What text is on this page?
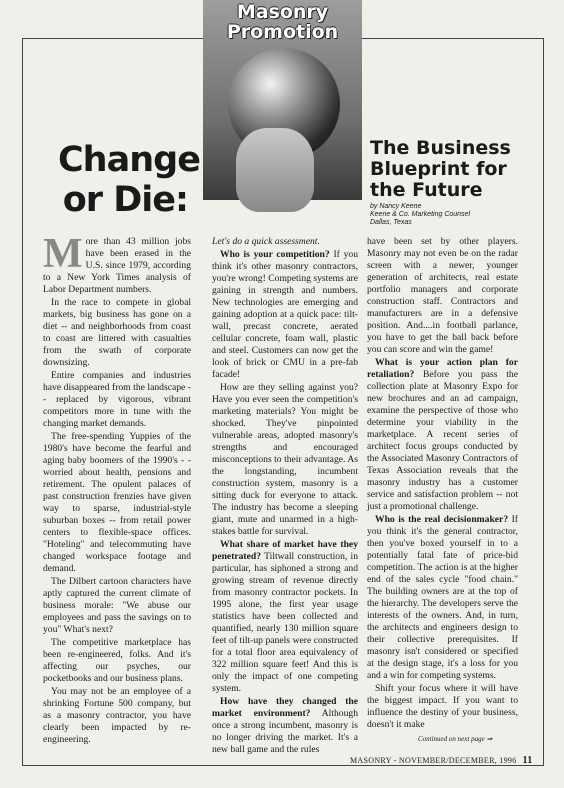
Masonry
Promotion
Change
or Die:
The Business
Blueprint for
the Future
by Nancy Keene
Keene & Co. Marketing Counsel
Dallas, Texas

More than 43 million jobs have been erased in the U.S. since 1979, according to a New York Times analysis of Labor Department numbers.

In the race to compete in global markets, big business has gone on a diet -- and neighborhoods from coast to coast are littered with casualties from the swath of corporate downsizing.

Entire companies and industries have disappeared from the landscape -- replaced by vigorous, vibrant competitors more in tune with the changing market demands.

The free-spending Yuppies of the 1980's have become the fearful and aging baby boomers of the 1990's - - worried about health, pensions and retirement. The opulent palaces of past construction frenzies have given way to sparse, industrial-style suburban boxes -- from retail power centers to flexible-space offices. "Hoteling" and telecommuting have changed workspace footage and demand.

The Dilbert cartoon characters have aptly captured the current climate of business morale: "We abuse our employees and pass the savings on to you" What's next?

The competitive marketplace has been re-engineered, folks. And it's affecting our psyches, our pocketbooks and our business plans.

You may not be an employee of a shrinking Fortune 500 company, but as a masonry contractor, you have clearly been impacted by re-engineering.

Let's do a quick assessment.

Who is your competition? If you think it's other masonry contractors, you're wrong! Competing systems are gaining in strength and numbers. New technologies are emerging and gaining adoption at a quick pace: tilt-wall, precast concrete, aerated cellular concrete, foam wall, plastic and steel. Customers can now get the look of brick or CMU in a pre-fab facade!

How are they selling against you? Have you ever seen the competition's marketing materials? You might be shocked. They've pinpointed vulnerable areas, adopted masonry's strengths and encouraged misconceptions to their advantage. As the longstanding, incumbent construction system, masonry is a sitting duck for everyone to attack. The industry has become a sleeping giant, mute and unarmed in a high-stakes battle for survival.

What share of market have they penetrated? Tiltwall construction, in particular, has siphoned a strong and growing stream of revenue directly from masonry contractor pockets. In 1995 alone, the first year usage statistics have been collected and quantified, nearly 130 million square feet of tilt-up panels were constructed for a total floor area equivalency of 322 million square feet! And this is only the impact of one competing system.

How have they changed the market environment? Although once a strong incumbent, masonry is no longer driving the market. It's a new ball game and the rules

have been set by other players. Masonry may not even be on the radar screen with a newer, younger generation of architects, real estate portfolio managers and corporate construction staff. Contractors and manufacturers are in a defensive position. And....in football parlance, you have to get the ball back before you can score and win the game!

What is your action plan for retaliation? Before you pass the collection plate at Masonry Expo for new brochures and an ad campaign, examine the perspective of those who determine your viability in the marketplace. A recent series of architect focus groups conducted by the Associated Masonry Contractors of Texas Association reveals that the masonry industry has a customer service and satisfaction problem -- not just a promotional challenge.

Who is the real decisionmaker? If you think it's the general contractor, then you've boxed yourself in to a potentially fatal fate of price-bid competition. The action is at the higher end of the sales cycle "food chain." The building owners are at the top of the hierarchy. The developers serve the interests of the owners. And, in turn, the architects and engineers design to their collective prerequisites. If masonry isn't considered or specified at the design stage, it's a loss for you and a win for competing systems.

Shift your focus where it will have the biggest impact. If you want to influence the destiny of your business, doesn't it make

Continued on next page ⇒
MASONRY - NOVEMBER/DECEMBER, 1996 11
